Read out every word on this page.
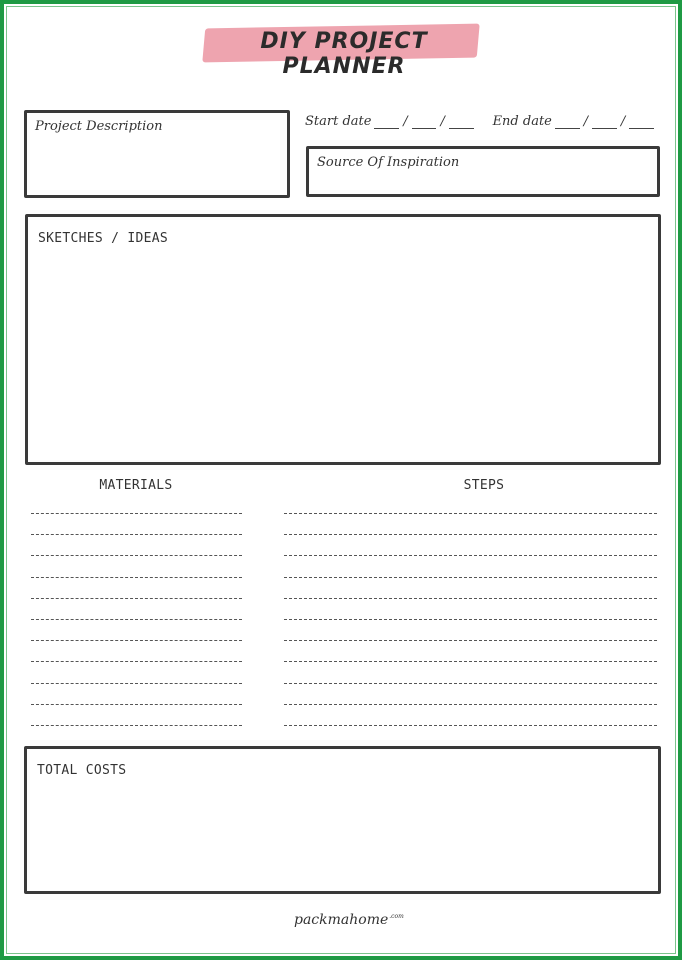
DIY PROJECT PLANNER
Project Description	Start date /	/	End date /	/
Source Of Inspiration
SKETCHES / IDEAS
MATERIALS	STEPS
TOTAL COSTS
packmahome$^{.com}$
